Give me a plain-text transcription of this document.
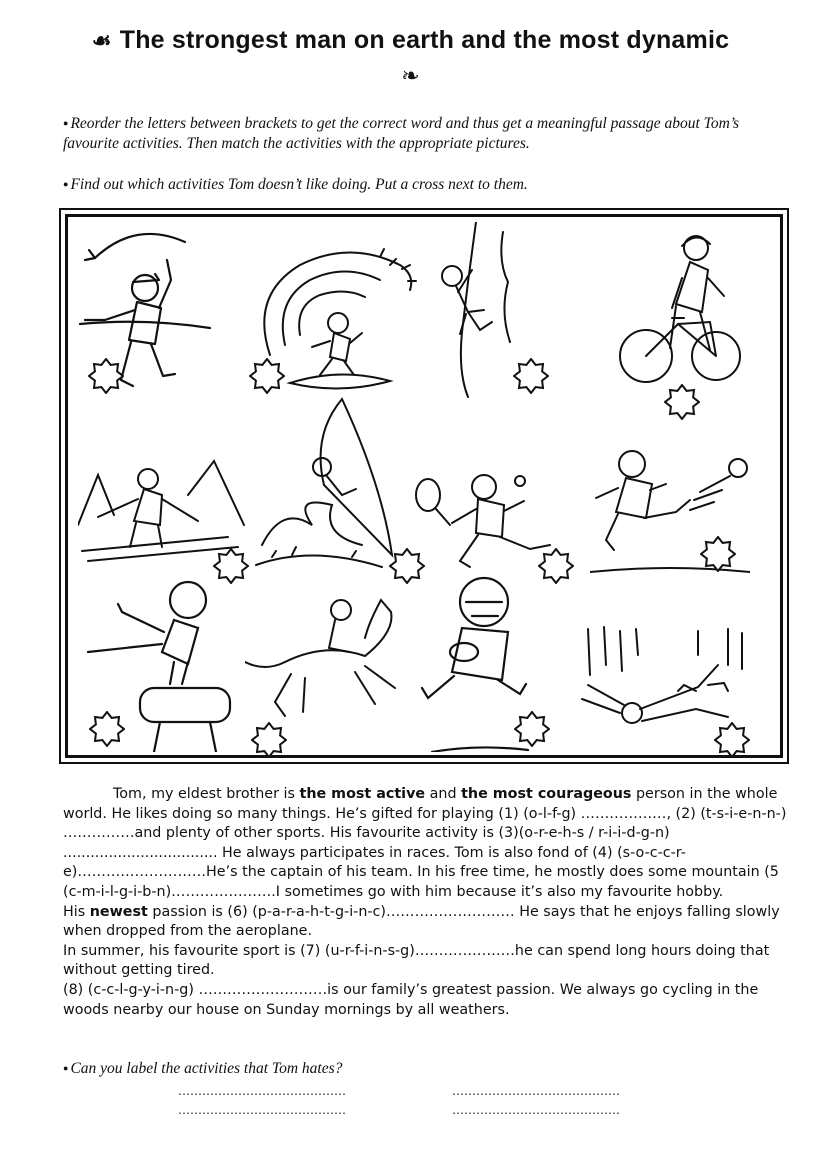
☙ The strongest man on earth and the most dynamic
❧
● Reorder the letters between brackets to get the correct word and thus get a meaningful passage about Tom’s favourite activities. Then match the activities with the appropriate pictures.
● Find out which activities Tom doesn’t like doing. Put a cross next to them.

Tom, my eldest brother is the most active and the most courageous person in the whole world. He likes doing so many things. He’s gifted for playing (1) (o-l-f-g) ………………, (2) (t-s-i-e-n-n-) ……………and plenty of other sports. His favourite activity is (3)(o-r-e-h-s / r-i-i-d-g-n) .................................. He always participates in races. Tom is also fond of (4) (s-o-c-c-r-e)………………………He’s the captain of his team. In his free time, he mostly does some mountain (5 (c-m-i-l-g-i-b-n)………………….I sometimes go with him because it’s also my favourite hobby.

His newest passion is (6) (p-a-r-a-h-t-g-i-n-c)……………………… He says that he enjoys falling slowly when dropped from the aeroplane.

In summer, his favourite sport is (7) (u-r-f-i-n-s-g)…………………he can spend long hours doing that without getting tired.

(8) (c-c-l-g-y-i-n-g) ………………………is our family’s greatest passion. We always go cycling in the woods nearby our house on Sunday mornings by all weathers.

● Can you label the activities that Tom hates?
……………………………………	……………………………………
……………………………………	……………………………………
